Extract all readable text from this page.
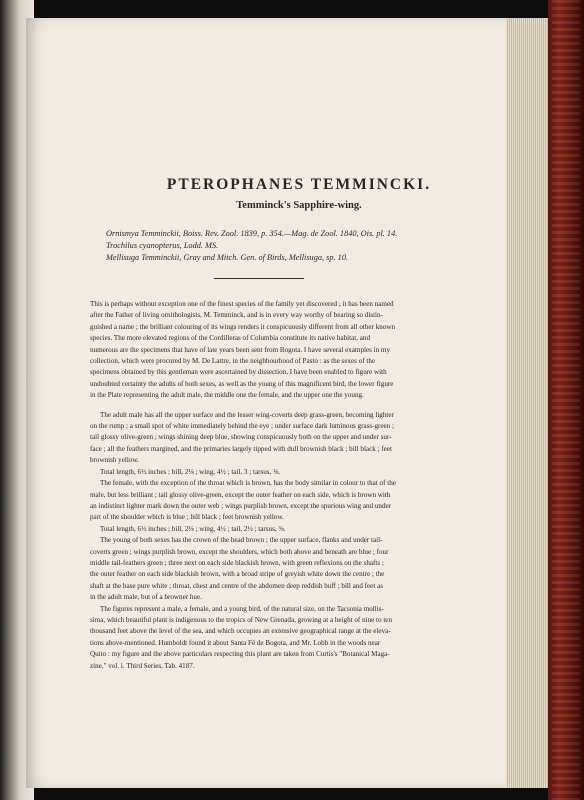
PTEROPHANES TEMMINCKI.
Temminck's Sapphire-wing.
Ornismya Temminckii, Boiss. Rev. Zool. 1839, p. 354.—Mag. de Zool. 1840, Ois. pl. 14.
Trochilus cyanopterus, Lodd. MS.
Mellisuga Temminckii, Gray and Mitch. Gen. of Birds, Mellisuga, sp. 10.

This is perhaps without exception one of the finest species of the family yet discovered ; it has been named
after the Father of living ornithologists, M. Temminck, and is in every way worthy of bearing so distin-
guished a name ; the brilliant colouring of its wings renders it conspicuously different from all other known
species. The more elevated regions of the Cordilleras of Columbia constitute its native habitat, and
numerous are the specimens that have of late years been sent from Bogota. I have several examples in my
collection, which were procured by M. De Lattre, in the neighbourhood of Pasto : as the sexes of the
specimens obtained by this gentleman were ascertained by dissection, I have been enabled to figure with
undoubted certainty the adults of both sexes, as well as the young of this magnificent bird, the lower figure
in the Plate representing the adult male, the middle one the female, and the upper one the young.

The adult male has all the upper surface and the lesser wing-coverts deep grass-green, becoming lighter
on the rump ; a small spot of white immediately behind the eye ; under surface dark luminous grass-green ;
tail glossy olive-green ; wings shining deep blue, showing conspicuously both on the upper and under sur-
face ; all the feathers margined, and the primaries largely tipped with dull brownish black ; bill black ; feet
brownish yellow.

Total length, 6½ inches ; bill, 2⅛ ; wing, 4½ ; tail, 3 ; tarsus, ⅜.

The female, with the exception of the throat which is brown, has the body similar in colour to that of the
male, but less brilliant ; tail glossy olive-green, except the outer feather on each side, which is brown with
an indistinct lighter mark down the outer web ; wings purplish brown, except the spurious wing and under
part of the shoulder which is blue ; bill black ; feet brownish yellow.

Total length, 6½ inches ; bill, 2⅛ ; wing, 4½ ; tail, 2½ ; tarsus, ⅜.

The young of both sexes has the crown of the head brown ; the upper surface, flanks and under tail-
coverts green ; wings purplish brown, except the shoulders, which both above and beneath are blue ; four
middle tail-feathers green ; three next on each side blackish brown, with green reflexions on the shafts ;
the outer feather on each side blackish brown, with a broad stripe of greyish white down the centre ; the
shaft at the base pure white ; throat, chest and centre of the abdomen deep reddish buff ; bill and feet as
in the adult male, but of a browner hue.

The figures represent a male, a female, and a young bird, of the natural size, on the Tacsonia mollis-
sima, which beautiful plant is indigenous to the tropics of New Grenada, growing at a height of nine to ten
thousand feet above the level of the sea, and which occupies an extensive geographical range at the eleva-
tions above-mentioned. Humboldt found it about Santa Fé de Bogota, and Mr. Lobb in the woods near
Quito : my figure and the above particulars respecting this plant are taken from Curtis's "Botanical Maga-
zine," vol. i. Third Series, Tab. 4187.
